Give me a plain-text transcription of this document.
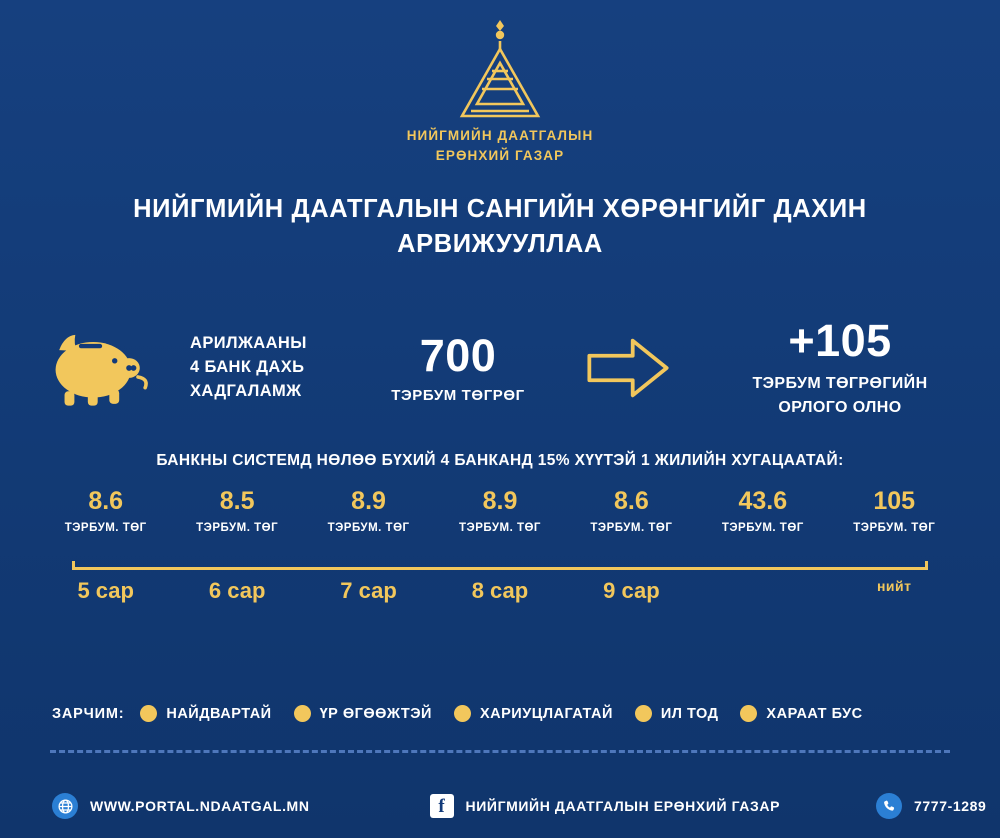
НИЙГМИЙН ДААТГАЛЫН
ЕРӨНХИЙ ГАЗАР
НИЙГМИЙН ДААТГАЛЫН САНГИЙН ХӨРӨНГИЙГ ДАХИН АРВИЖУУЛЛАА
АРИЛЖААНЫ
4 БАНК ДАХЬ
ХАДГАЛАМЖ
700
ТЭРБУМ ТӨГРӨГ
+105
ТЭРБУМ ТӨГРӨГИЙН
ОРЛОГО ОЛНО
БАНКНЫ СИСТЕМД НӨЛӨӨ БҮХИЙ 4 БАНКАНД 15% ХҮҮТЭЙ 1 ЖИЛИЙН ХУГАЦААТАЙ:
8.6
ТЭРБУМ. ТӨГ
8.5
ТЭРБУМ. ТӨГ
8.9
ТЭРБУМ. ТӨГ
8.9
ТЭРБУМ. ТӨГ
8.6
ТЭРБУМ. ТӨГ
43.6
ТЭРБУМ. ТӨГ
105
ТЭРБУМ. ТӨГ
5 сар	6 сар	7 сар	8 сар	9 сар	нийт
ЗАРЧИМ:	НАЙДВАРТАЙ	ҮР ӨГӨӨЖТЭЙ	ХАРИУЦЛАГАТАЙ	ИЛ ТОД	ХАРААТ БУС
WWW.PORTAL.NDAATGAL.MN	f	НИЙГМИЙН ДААТГАЛЫН ЕРӨНХИЙ ГАЗАР	7777-1289
